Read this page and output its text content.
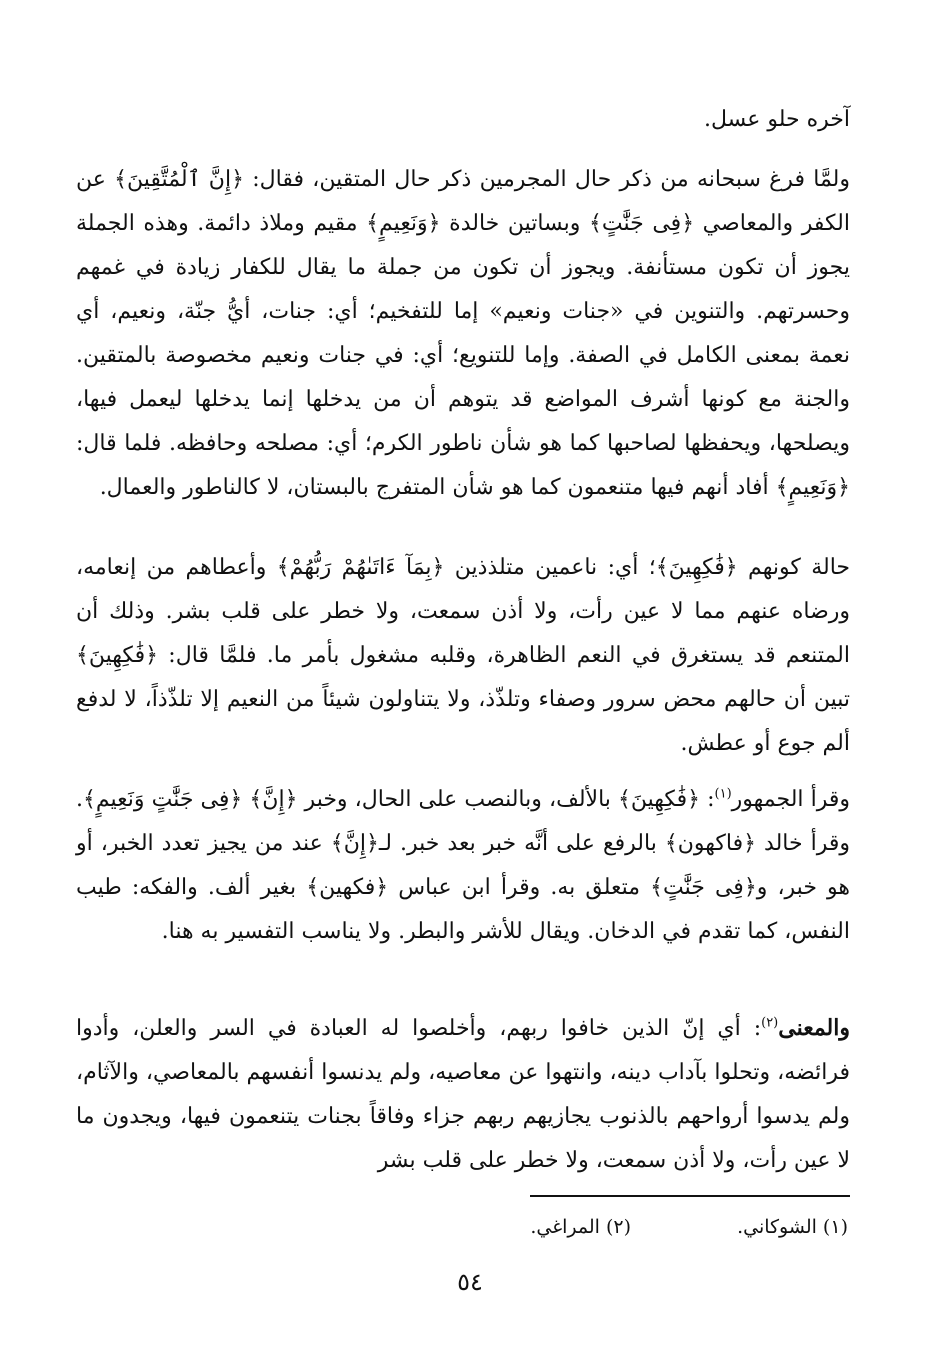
آخره حلو عسل.
ولمَّا فرغ سبحانه من ذكر حال المجرمين ذكر حال المتقين، فقال: ﴿إِنَّ ٱلْمُتَّقِينَ﴾ عن الكفر والمعاصي ﴿فِى جَنَّٰتٍ﴾ وبساتين خالدة ﴿وَنَعِيمٍ﴾ مقيم وملاذ دائمة. وهذه الجملة يجوز أن تكون مستأنفة. ويجوز أن تكون من جملة ما يقال للكفار زيادة في غمهم وحسرتهم. والتنوين في «جنات ونعيم» إما للتفخيم؛ أي: جنات، أيُّ جنّة، ونعيم، أي نعمة بمعنى الكامل في الصفة. وإما للتنويع؛ أي: في جنات ونعيم مخصوصة بالمتقين. والجنة مع كونها أشرف المواضع قد يتوهم أن من يدخلها إنما يدخلها ليعمل فيها، ويصلحها، ويحفظها لصاحبها كما هو شأن ناطور الكرم؛ أي: مصلحه وحافظه. فلما قال: ﴿وَنَعِيمٍ﴾ أفاد أنهم فيها متنعمون كما هو شأن المتفرج بالبستان، لا كالناطور والعمال.
حالة كونهم ﴿فَٰكِهِينَ﴾؛ أي: ناعمين متلذذين ﴿بِمَآ ءَاتَىٰهُمْ رَبُّهُمْ﴾ وأعطاهم من إنعامه، ورضاه عنهم مما لا عين رأت، ولا أذن سمعت، ولا خطر على قلب بشر. وذلك أن المتنعم قد يستغرق في النعم الظاهرة، وقلبه مشغول بأمر ما. فلمَّا قال: ﴿فَٰكِهِينَ﴾ تبين أن حالهم محض سرور وصفاء وتلذّذ، ولا يتناولون شيئاً من النعيم إلا تلذّذاً، لا لدفع ألم جوع أو عطش.
وقرأ الجمهور$^{(١)}$: ﴿فَٰكِهِينَ﴾ بالألف، وبالنصب على الحال، وخبر ﴿إِنَّ﴾ ﴿فِى جَنَّٰتٍ وَنَعِيمٍ﴾. وقرأ خالد ﴿فاكهون﴾ بالرفع على أنَّه خبر بعد خبر. لـ﴿إِنَّ﴾ عند من يجيز تعدد الخبر، أو هو خبر، و﴿فِى جَنَّٰتٍ﴾ متعلق به. وقرأ ابن عباس ﴿فكهين﴾ بغير ألف. والفكه: طيب النفس، كما تقدم في الدخان. ويقال للأشر والبطر. ولا يناسب التفسير به هنا.
والمعنى$^{(٢)}$: أي إنّ الذين خافوا ربهم، وأخلصوا له العبادة في السر والعلن، وأدوا فرائضه، وتحلوا بآداب دينه، وانتهوا عن معاصيه، ولم يدنسوا أنفسهم بالمعاصي، والآثام، ولم يدسوا أرواحهم بالذنوب يجازيهم ربهم جزاء وفاقاً بجنات يتنعمون فيها، ويجدون ما لا عين رأت، ولا أذن سمعت، ولا خطر على قلب بشر
(١) الشوكاني.
(٢) المراغي.
٥٤
